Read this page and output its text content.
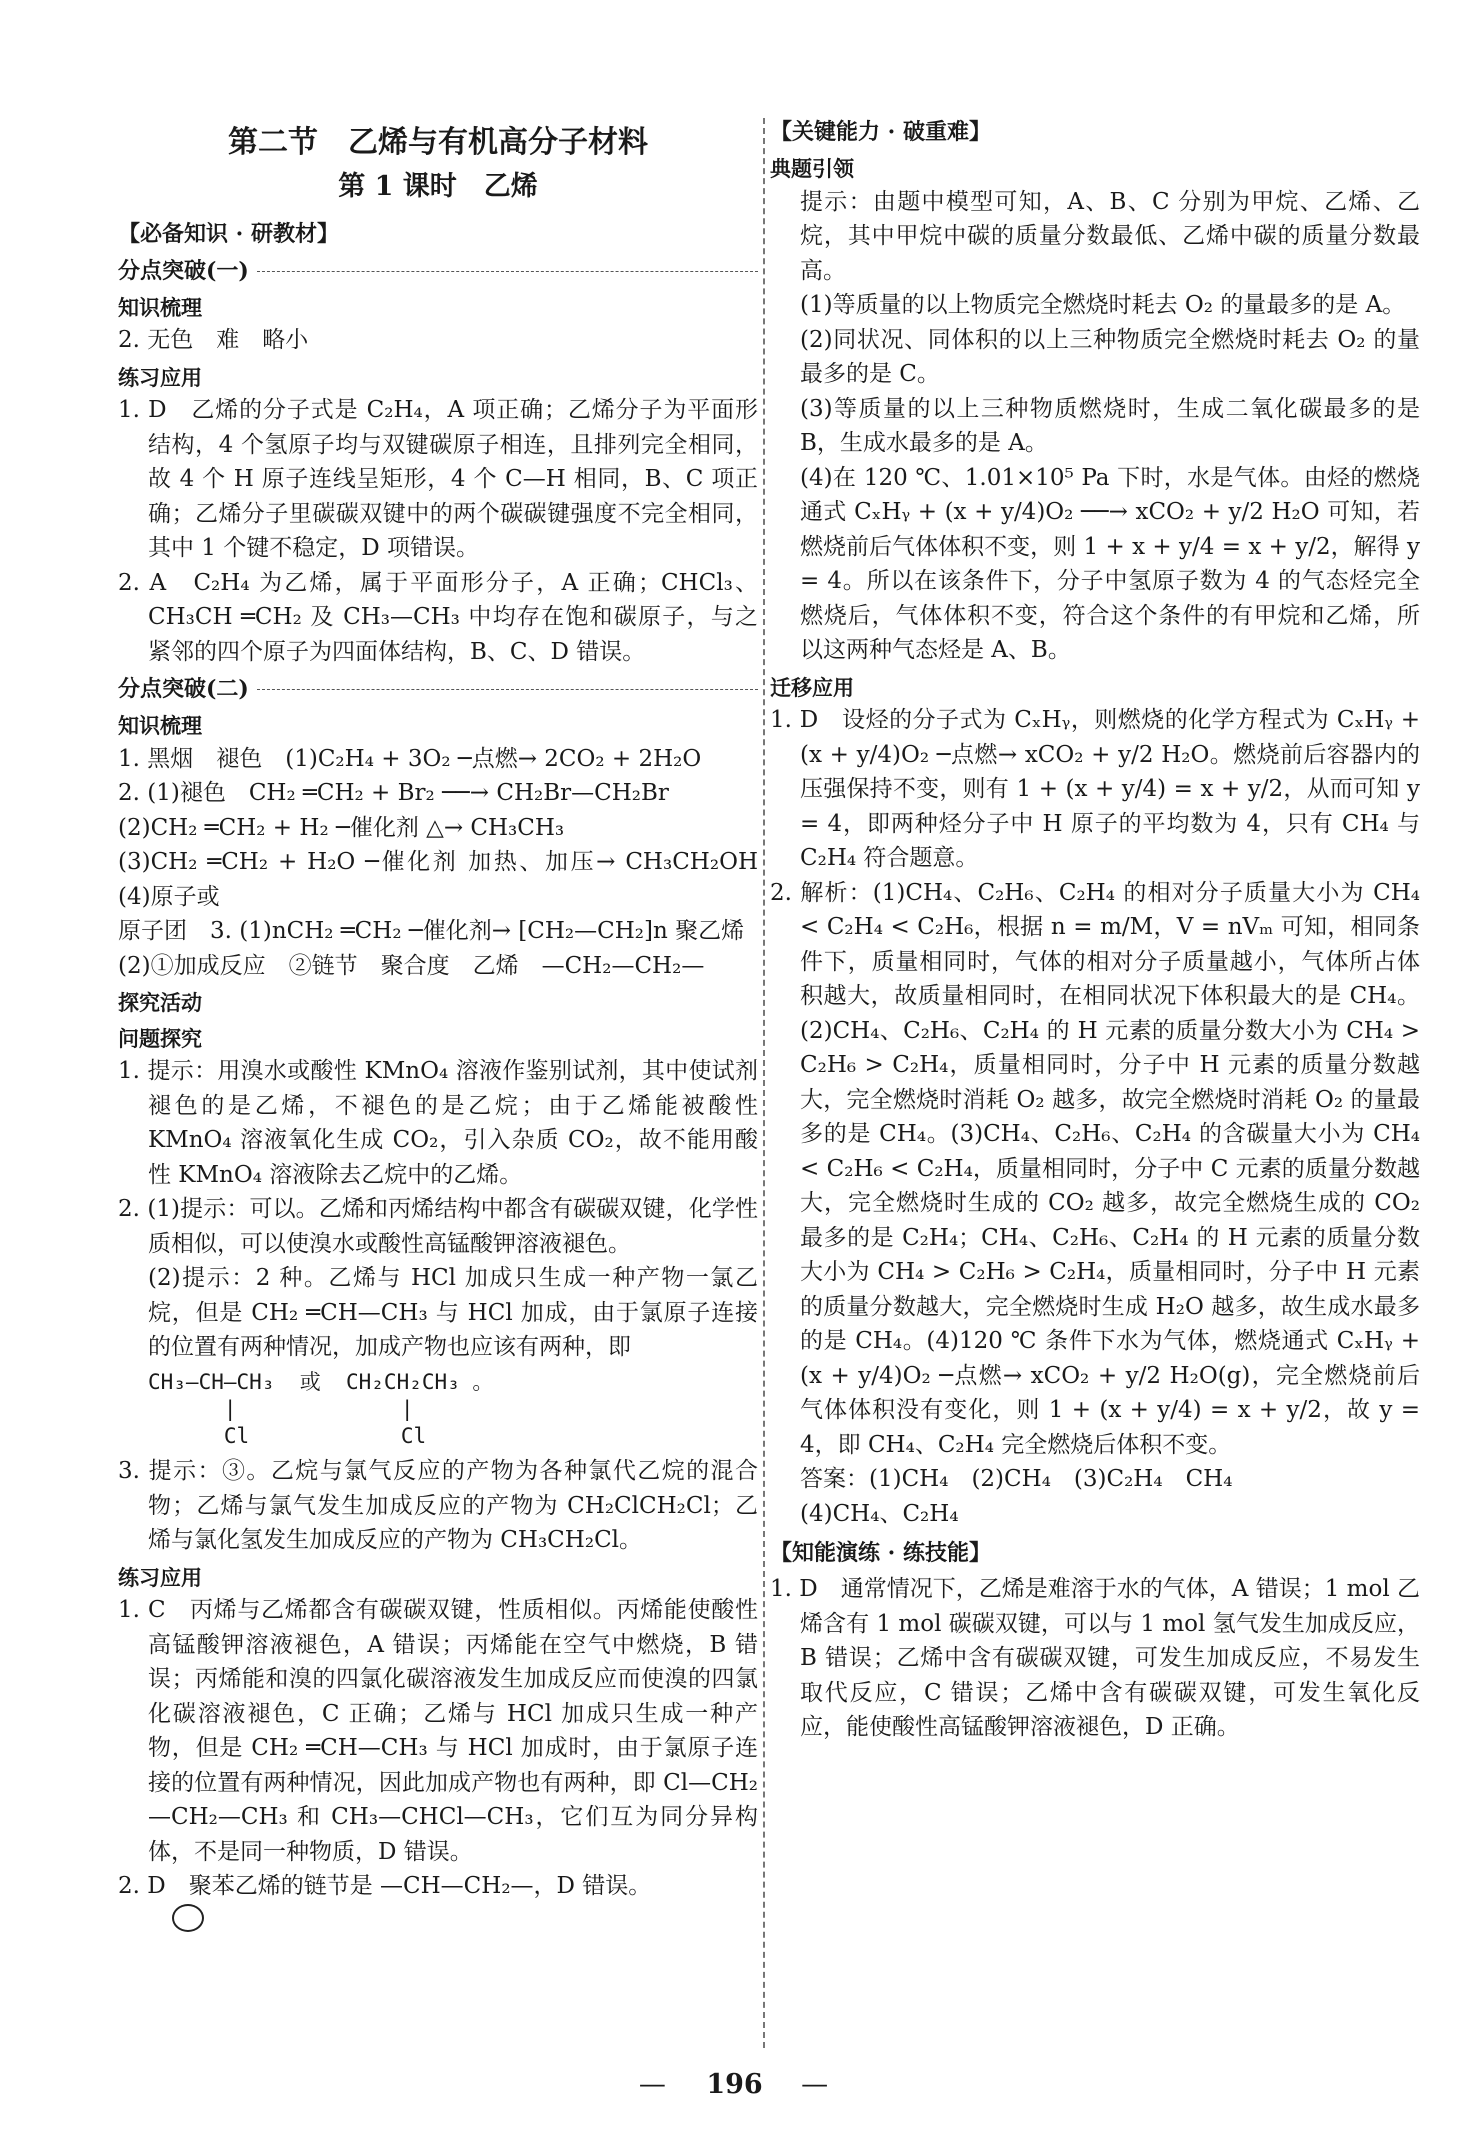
第二节　乙烯与有机高分子材料
第 1 课时　乙烯
【必备知识 · 研教材】
分点突破(一)
知识梳理

2. 无色　难　略小

练习应用

1. D　乙烯的分子式是 C₂H₄，A 项正确；乙烯分子为平面形结构，4 个氢原子均与双键碳原子相连，且排列完全相同，故 4 个 H 原子连线呈矩形，4 个 C—H 相同，B、C 项正确；乙烯分子里碳碳双键中的两个碳碳键强度不完全相同，其中 1 个键不稳定，D 项错误。

2. A　C₂H₄ 为乙烯，属于平面形分子，A 正确；CHCl₃、CH₃CH ═CH₂ 及 CH₃—CH₃ 中均存在饱和碳原子，与之紧邻的四个原子为四面体结构，B、C、D 错误。

分点突破(二)
知识梳理

1. 黑烟　褪色　(1)C₂H₄ + 3O₂ ─点燃→ 2CO₂ + 2H₂O

2. (1)褪色　CH₂ ═CH₂ + Br₂ ──→ CH₂Br—CH₂Br

(2)CH₂ ═CH₂ + H₂ ─催化剂 △→ CH₃CH₃

(3)CH₂ ═CH₂ + H₂O ─催化剂 加热、加压→ CH₃CH₂OH　(4)原子或

原子团　3. (1)nCH₂ ═CH₂ ─催化剂→ [CH₂—CH₂]n 聚乙烯

(2)①加成反应　②链节　聚合度　乙烯　—CH₂—CH₂—

探究活动
问题探究

1. 提示：用溴水或酸性 KMnO₄ 溶液作鉴别试剂，其中使试剂褪色的是乙烯，不褪色的是乙烷；由于乙烯能被酸性 KMnO₄ 溶液氧化生成 CO₂，引入杂质 CO₂，故不能用酸性 KMnO₄ 溶液除去乙烷中的乙烯。

2. (1)提示：可以。乙烯和丙烯结构中都含有碳碳双键，化学性质相似，可以使溴水或酸性高锰酸钾溶液褪色。

(2)提示：2 种。乙烯与 HCl 加成只生成一种产物一氯乙烷，但是 CH₂ ═CH—CH₃ 与 HCl 加成，由于氯原子连接的位置有两种情况，加成产物也应该有两种，即

CH₃—CH—CH₃  或  CH₂CH₂CH₃ 。
|             |
Cl            Cl

3. 提示：③。乙烷与氯气反应的产物为各种氯代乙烷的混合物；乙烯与氯气发生加成反应的产物为 CH₂ClCH₂Cl；乙烯与氯化氢发生加成反应的产物为 CH₃CH₂Cl。

练习应用

1. C　丙烯与乙烯都含有碳碳双键，性质相似。丙烯能使酸性高锰酸钾溶液褪色，A 错误；丙烯能在空气中燃烧，B 错误；丙烯能和溴的四氯化碳溶液发生加成反应而使溴的四氯化碳溶液褪色，C 正确；乙烯与 HCl 加成只生成一种产物，但是 CH₂ ═CH—CH₃ 与 HCl 加成时，由于氯原子连接的位置有两种情况，因此加成产物也有两种，即 Cl—CH₂—CH₂—CH₃ 和 CH₃—CHCl—CH₃，它们互为同分异构体，不是同一种物质，D 错误。

2. D　聚苯乙烯的链节是 —CH—CH₂—，D 错误。

【关键能力 · 破重难】
典题引领

提示：由题中模型可知，A、B、C 分别为甲烷、乙烯、乙烷，其中甲烷中碳的质量分数最低、乙烯中碳的质量分数最高。

(1)等质量的以上物质完全燃烧时耗去 O₂ 的量最多的是 A。

(2)同状况、同体积的以上三种物质完全燃烧时耗去 O₂ 的量最多的是 C。

(3)等质量的以上三种物质燃烧时，生成二氧化碳最多的是 B，生成水最多的是 A。

(4)在 120 ℃、1.01×10⁵ Pa 下时，水是气体。由烃的燃烧通式 CₓHᵧ + (x + y/4)O₂ ──→ xCO₂ + y/2 H₂O 可知，若燃烧前后气体体积不变，则 1 + x + y/4 = x + y/2，解得 y = 4。所以在该条件下，分子中氢原子数为 4 的气态烃完全燃烧后，气体体积不变，符合这个条件的有甲烷和乙烯，所以这两种气态烃是 A、B。

迁移应用

1. D　设烃的分子式为 CₓHᵧ，则燃烧的化学方程式为 CₓHᵧ + (x + y/4)O₂ ─点燃→ xCO₂ + y/2 H₂O。燃烧前后容器内的压强保持不变，则有 1 + (x + y/4) = x + y/2，从而可知 y = 4，即两种烃分子中 H 原子的平均数为 4，只有 CH₄ 与 C₂H₄ 符合题意。

2. 解析：(1)CH₄、C₂H₆、C₂H₄ 的相对分子质量大小为 CH₄ < C₂H₄ < C₂H₆，根据 n = m/M，V = nVₘ 可知，相同条件下，质量相同时，气体的相对分子质量越小，气体所占体积越大，故质量相同时，在相同状况下体积最大的是 CH₄。(2)CH₄、C₂H₆、C₂H₄ 的 H 元素的质量分数大小为 CH₄ > C₂H₆ > C₂H₄，质量相同时，分子中 H 元素的质量分数越大，完全燃烧时消耗 O₂ 越多，故完全燃烧时消耗 O₂ 的量最多的是 CH₄。(3)CH₄、C₂H₆、C₂H₄ 的含碳量大小为 CH₄ < C₂H₆ < C₂H₄，质量相同时，分子中 C 元素的质量分数越大，完全燃烧时生成的 CO₂ 越多，故完全燃烧生成的 CO₂ 最多的是 C₂H₄；CH₄、C₂H₆、C₂H₄ 的 H 元素的质量分数大小为 CH₄ > C₂H₆ > C₂H₄，质量相同时，分子中 H 元素的质量分数越大，完全燃烧时生成 H₂O 越多，故生成水最多的是 CH₄。(4)120 ℃ 条件下水为气体，燃烧通式 CₓHᵧ + (x + y/4)O₂ ─点燃→ xCO₂ + y/2 H₂O(g)，完全燃烧前后气体体积没有变化，则 1 + (x + y/4) = x + y/2，故 y = 4，即 CH₄、C₂H₄ 完全燃烧后体积不变。

答案：(1)CH₄　(2)CH₄　(3)C₂H₄　CH₄

(4)CH₄、C₂H₄

【知能演练 · 练技能】

1. D　通常情况下，乙烯是难溶于水的气体，A 错误；1 mol 乙烯含有 1 mol 碳碳双键，可以与 1 mol 氢气发生加成反应，B 错误；乙烯中含有碳碳双键，可发生加成反应，不易发生取代反应，C 错误；乙烯中含有碳碳双键，可发生氧化反应，能使酸性高锰酸钾溶液褪色，D 正确。

—　 196 　—
